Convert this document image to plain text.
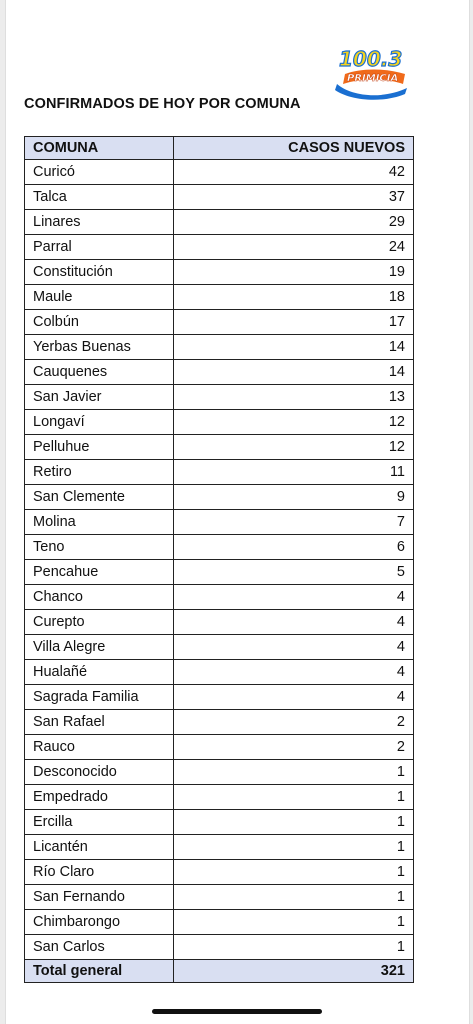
100.3
PRIMICIA
CONFIRMADOS DE HOY POR COMUNA
COMUNA	CASOS NUEVOS
Curicó	42
Talca	37
Linares	29
Parral	24
Constitución	19
Maule	18
Colbún	17
Yerbas Buenas	14
Cauquenes	14
San Javier	13
Longaví	12
Pelluhue	12
Retiro	11
San Clemente	9
Molina	7
Teno	6
Pencahue	5
Chanco	4
Curepto	4
Villa Alegre	4
Hualañé	4
Sagrada Familia	4
San Rafael	2
Rauco	2
Desconocido	1
Empedrado	1
Ercilla	1
Licantén	1
Río Claro	1
San Fernando	1
Chimbarongo	1
San Carlos	1
Total general	321
